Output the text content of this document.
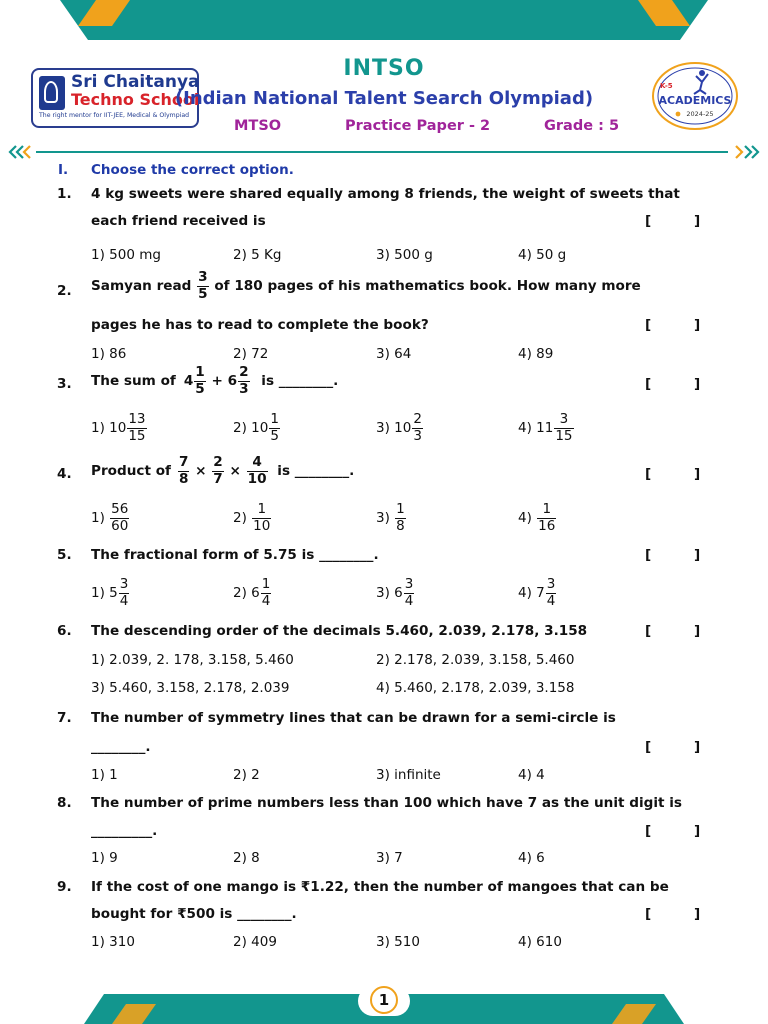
Sri Chaitanya
Techno School
The right mentor for IIT-JEE, Medical & Olympiad
INTSO
(Indian National Talent Search Olympiad)
MTSO	Practice Paper - 2	Grade : 5
K-5
ACADEMICS
2024-25
I. Choose the correct option.
1. 4 kg sweets were shared equally among 8 friends, the weight of sweets that
each friend received is	[	]
1) 500 mg	2) 5 Kg	3) 500 g	4) 50 g
2. Samyan read $\frac{3}{5}$ of 180 pages of his mathematics book. How many more
pages he has to read to complete the book?	[	]
1) 86	2) 72	3) 64	4) 89
3. The sum of $4 \frac{1}{5} + 6 \frac{2}{3}$ is ________.	[	]
1) $10 \frac{13}{15}$	2) $10 \frac{1}{5}$	3) $10 \frac{2}{3}$	4) $11 \frac{3}{15}$
4. Product of $\frac{7}{8} \times \frac{2}{7} \times \frac{4}{10}$ is ________.	[	]
$1) \frac{56}{60}$	$2) \frac{1}{10}$	$3) \frac{1}{8}$	$4) \frac{1}{16}$
5. The fractional form of 5.75 is ________.	[	]
1) $5 \frac{3}{4}$	2) $6 \frac{1}{4}$	3) $6 \frac{3}{4}$	4) $7 \frac{3}{4}$
6. The descending order of the decimals 5.460, 2.039, 2.178, 3.158	[	]
1) 2.039, 2. 178, 3.158, 5.460	2) 2.178, 2.039, 3.158, 5.460
3) 5.460, 3.158, 2.178, 2.039	4) 5.460, 2.178, 2.039, 3.158
7. The number of symmetry lines that can be drawn for a semi-circle is
________.	[	]
1) 1	2) 2	3) infinite	4) 4
8. The number of prime numbers less than 100 which have 7 as the unit digit is
_________.	[	]
1) 9	2) 8	3) 7	4) 6
9. If the cost of one mango is ₹1.22, then the number of mangoes that can be
bought for ₹500 is ________.	[	]
1) 310	2) 409	3) 510	4) 610
1
